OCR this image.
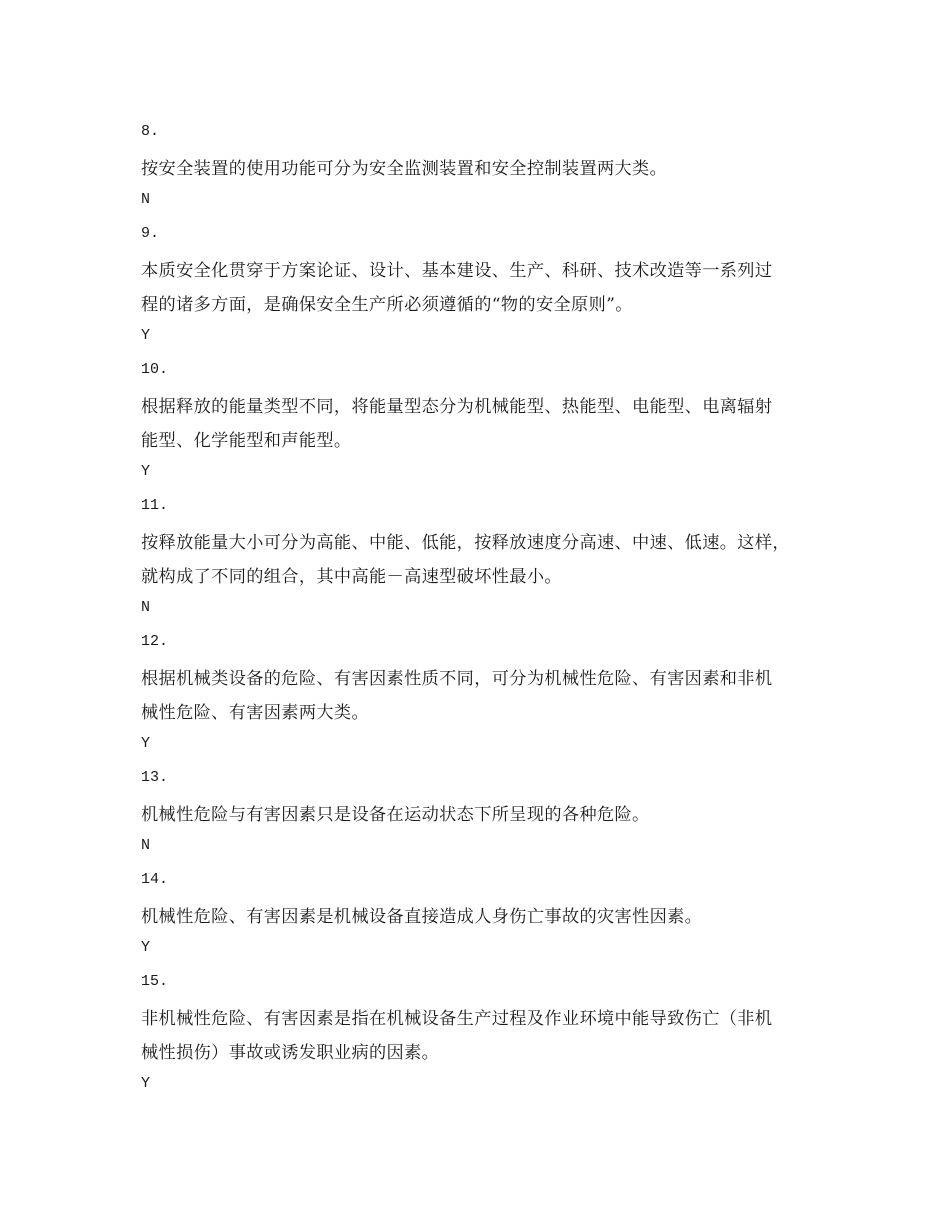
8.
按安全装置的使用功能可分为安全监测装置和安全控制装置两大类。
N
9.
本质安全化贯穿于方案论证、设计、基本建设、生产、科研、技术改造等一系列过
程的诸多方面，是确保安全生产所必须遵循的“物的安全原则”。
Y
10.
根据释放的能量类型不同，将能量型态分为机械能型、热能型、电能型、电离辐射
能型、化学能型和声能型。
Y
11.
按释放能量大小可分为高能、中能、低能，按释放速度分高速、中速、低速。这样，
就构成了不同的组合，其中高能－高速型破坏性最小。
N
12.
根据机械类设备的危险、有害因素性质不同，可分为机械性危险、有害因素和非机
械性危险、有害因素两大类。
Y
13.
机械性危险与有害因素只是设备在运动状态下所呈现的各种危险。
N
14.
机械性危险、有害因素是机械设备直接造成人身伤亡事故的灾害性因素。
Y
15.
非机械性危险、有害因素是指在机械设备生产过程及作业环境中能导致伤亡（非机
械性损伤）事故或诱发职业病的因素。
Y
